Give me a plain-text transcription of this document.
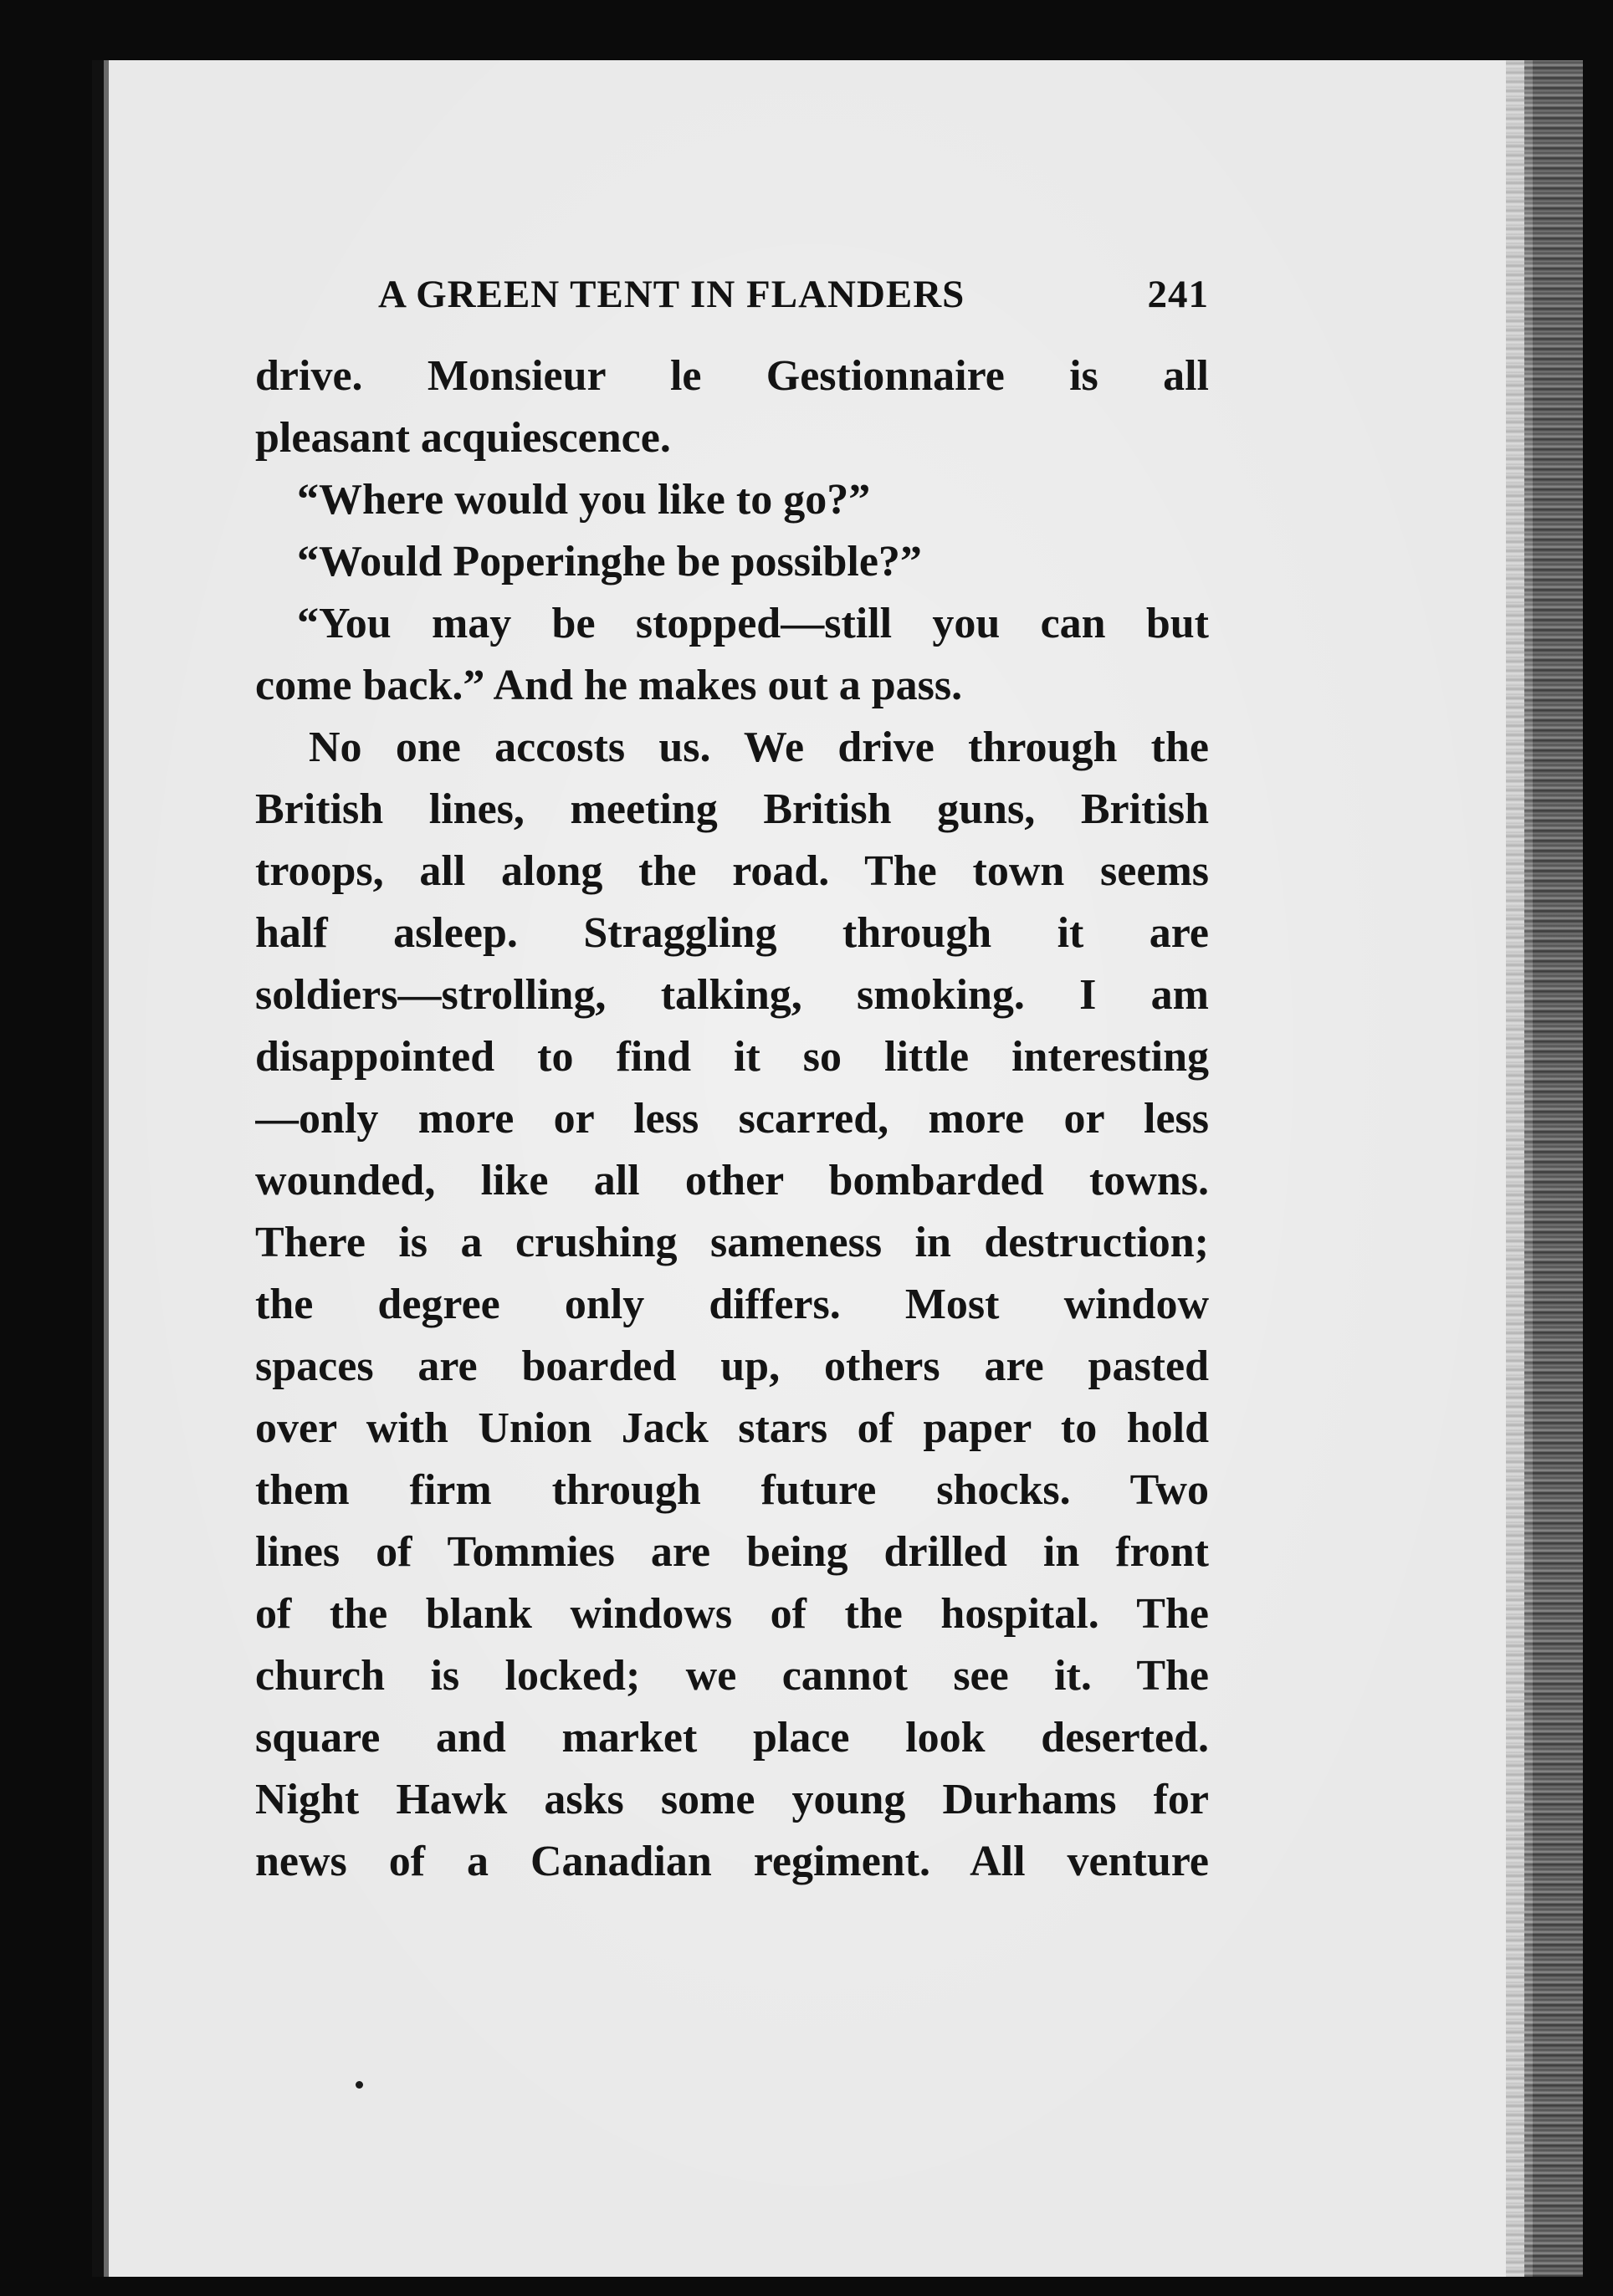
A GREEN TENT IN FLANDERS	241
drive. Monsieur le Gestionnaire is all
pleasant acquiescence.
“Where would you like to go?”
“Would Poperinghe be possible?”
“You may be stopped—still you can but
come back.” And he makes out a pass.
No one accosts us. We drive through the
British lines, meeting British guns, British
troops, all along the road. The town seems
half asleep. Straggling through it are
soldiers—strolling, talking, smoking. I am
disappointed to find it so little interesting
—only more or less scarred, more or less
wounded, like all other bombarded towns.
There is a crushing sameness in destruction;
the degree only differs. Most window
spaces are boarded up, others are pasted
over with Union Jack stars of paper to hold
them firm through future shocks. Two
lines of Tommies are being drilled in front
of the blank windows of the hospital. The
church is locked; we cannot see it. The
square and market place look deserted.
Night Hawk asks some young Durhams for
news of a Canadian regiment. All venture
